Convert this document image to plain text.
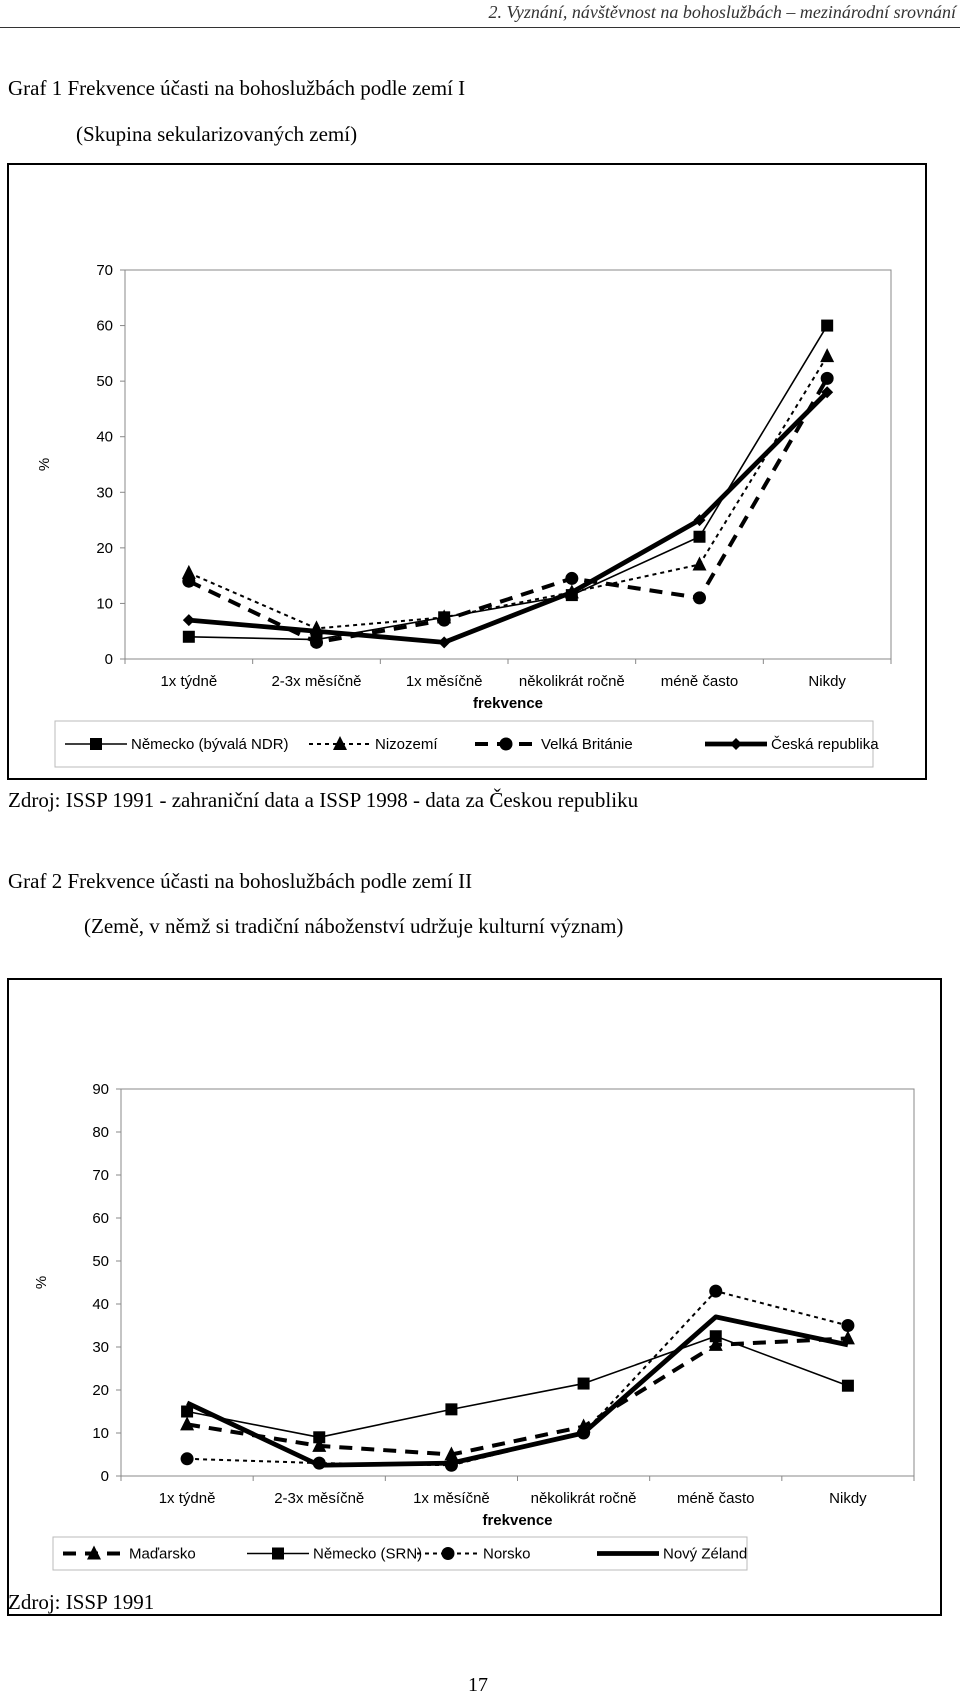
2. Vyznání, návštěvnost na bohoslužbách – mezinárodní srovnání
Graf 1 Frekvence účasti na bohoslužbách podle zemí I
(Skupina sekularizovaných zemí)
0
10
20
30
40
50
60
70
1x týdně	2-3x měsíčně	1x měsíčně několikrát ročně méně často	Nikdy
frekvence
%
Německo (bývalá NDR)	Nizozemí	Velká Británie	Česká republika
Zdroj: ISSP 1991 - zahraniční data a ISSP 1998 - data za Českou republiku
Graf 2 Frekvence účasti na bohoslužbách podle zemí II
(Země, v němž si tradiční náboženství udržuje kulturní význam)
0
10
20
30
40
50
60
70
80
90
1x týdně	2-3x měsíčně	1x měsíčně	několikrát ročně	méně často	Nikdy
frekvence
%
Maďarsko	Německo (SRN)	Norsko	Nový Zéland
Zdroj: ISSP 1991
17
